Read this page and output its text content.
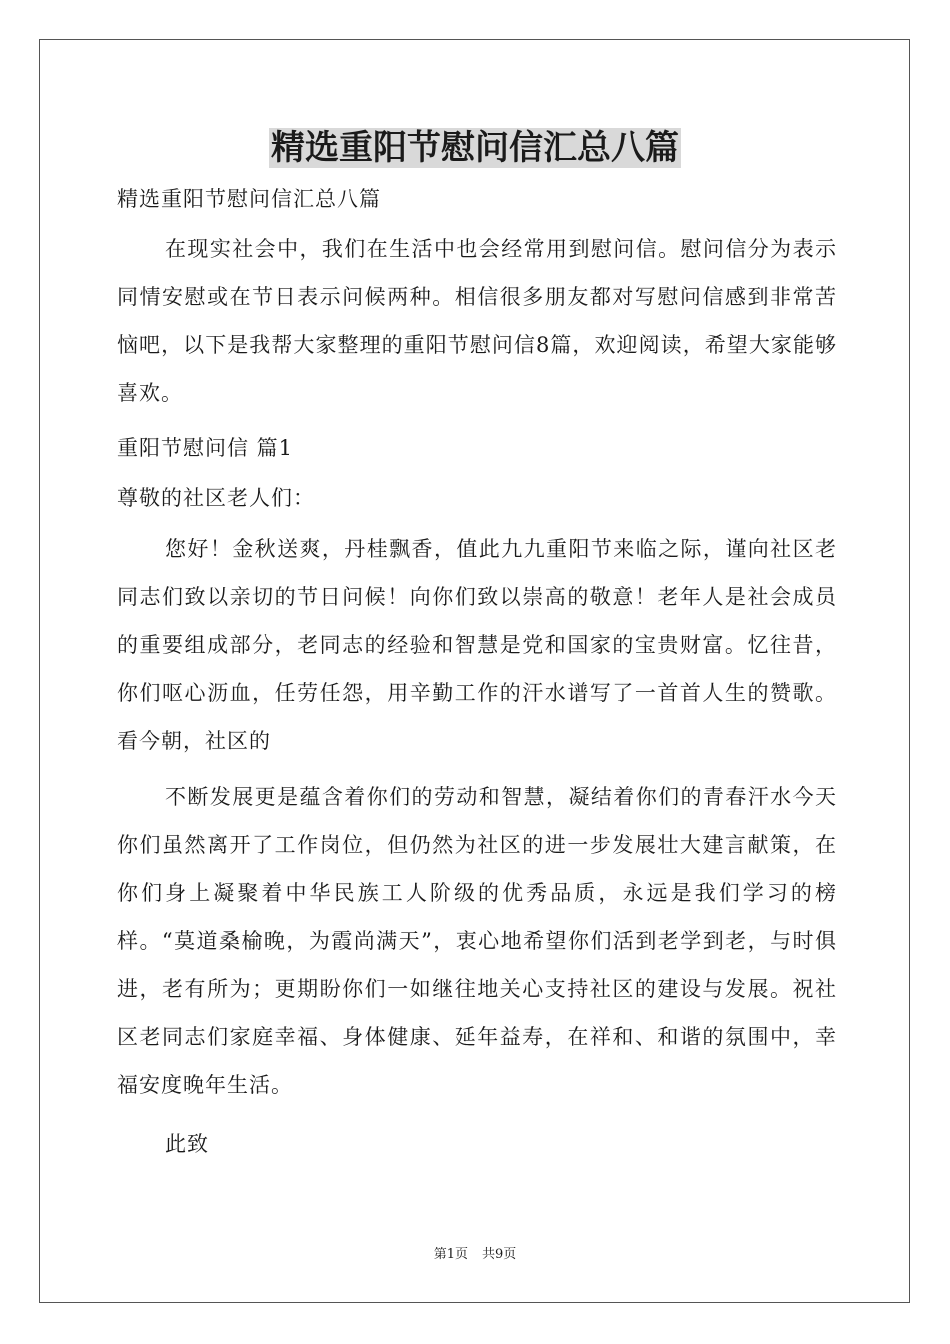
精选重阳节慰问信汇总八篇

精选重阳节慰问信汇总八篇

在现实社会中，我们在生活中也会经常用到慰问信。慰问信分为表示同情安慰或在节日表示问候两种。相信很多朋友都对写慰问信感到非常苦恼吧，以下是我帮大家整理的重阳节慰问信8篇，欢迎阅读，希望大家能够喜欢。

重阳节慰问信 篇1

尊敬的社区老人们：

您好！金秋送爽，丹桂飘香，值此九九重阳节来临之际，谨向社区老同志们致以亲切的节日问候！向你们致以崇高的敬意！老年人是社会成员的重要组成部分，老同志的经验和智慧是党和国家的宝贵财富。忆往昔，你们呕心沥血，任劳任怨，用辛勤工作的汗水谱写了一首首人生的赞歌。看今朝，社区的

不断发展更是蕴含着你们的劳动和智慧，凝结着你们的青春汗水今天你们虽然离开了工作岗位，但仍然为社区的进一步发展壮大建言献策，在你们身上凝聚着中华民族工人阶级的优秀品质，永远是我们学习的榜样。“莫道桑榆晚，为霞尚满天”，衷心地希望你们活到老学到老，与时俱进，老有所为；更期盼你们一如继往地关心支持社区的建设与发展。祝社区老同志们家庭幸福、身体健康、延年益寿，在祥和、和谐的氛围中，幸福安度晚年生活。

此致

第1页 共9页
